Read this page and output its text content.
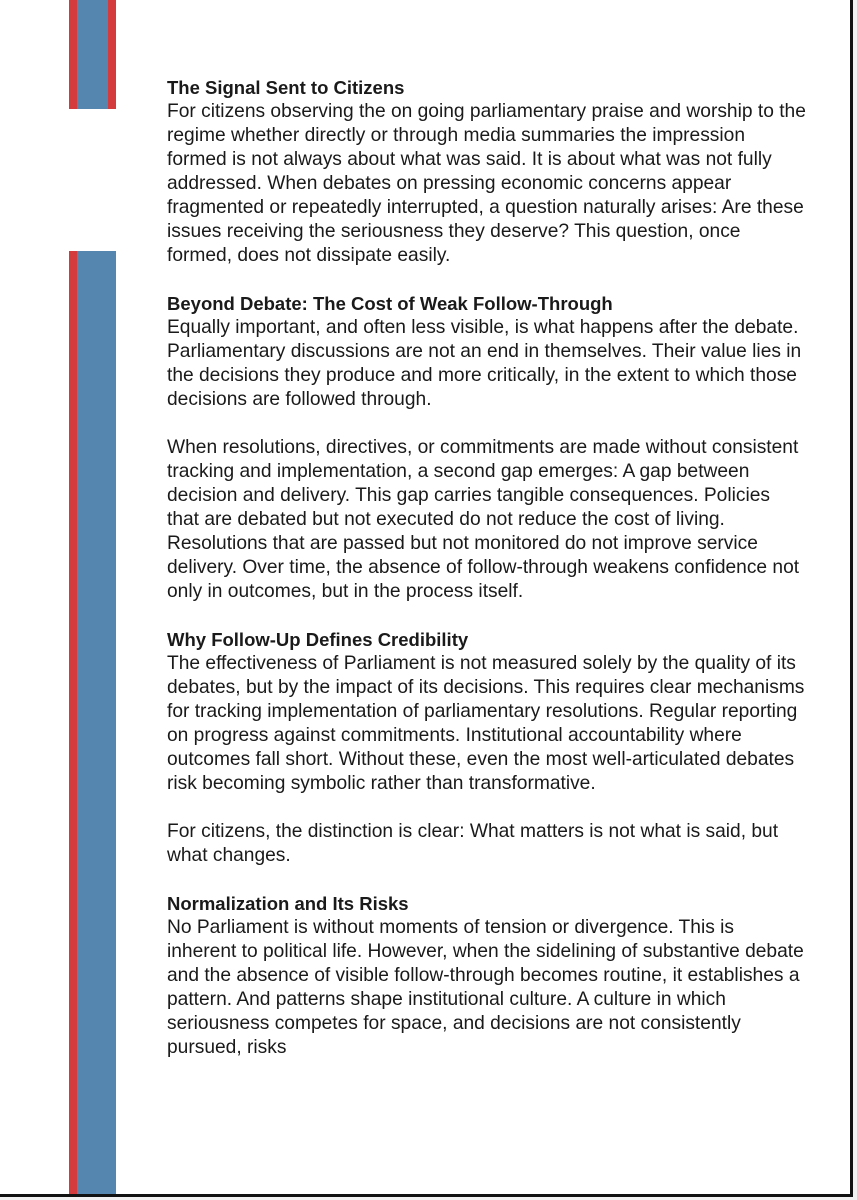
The Signal Sent to Citizens

For citizens observing the on going parliamentary praise and worship to the regime whether directly or through media summaries the impression formed is not always about what was said. It is about what was not fully addressed. When debates on pressing economic concerns appear fragmented or repeatedly interrupted, a question naturally arises: Are these issues receiving the seriousness they deserve? This question, once formed, does not dissipate easily.

Beyond Debate: The Cost of Weak Follow-Through

Equally important, and often less visible, is what happens after the debate. Parliamentary discussions are not an end in themselves. Their value lies in the decisions they produce and more critically, in the extent to which those decisions are followed through.

When resolutions, directives, or commitments are made without consistent tracking and implementation, a second gap emerges: A gap between decision and delivery. This gap carries tangible consequences. Policies that are debated but not executed do not reduce the cost of living. Resolutions that are passed but not monitored do not improve service delivery. Over time, the absence of follow-through weakens confidence not only in outcomes, but in the process itself.

Why Follow-Up Defines Credibility

The effectiveness of Parliament is not measured solely by the quality of its debates, but by the impact of its decisions. This requires clear mechanisms for tracking implementation of parliamentary resolutions. Regular reporting on progress against commitments. Institutional accountability where outcomes fall short. Without these, even the most well-articulated debates risk becoming symbolic rather than transformative.

For citizens, the distinction is clear: What matters is not what is said, but what changes.

Normalization and Its Risks

No Parliament is without moments of tension or divergence. This is inherent to political life. However, when the sidelining of substantive debate and the absence of visible follow-through becomes routine, it establishes a pattern. And patterns shape institutional culture. A culture in which seriousness competes for space, and decisions are not consistently pursued, risks
